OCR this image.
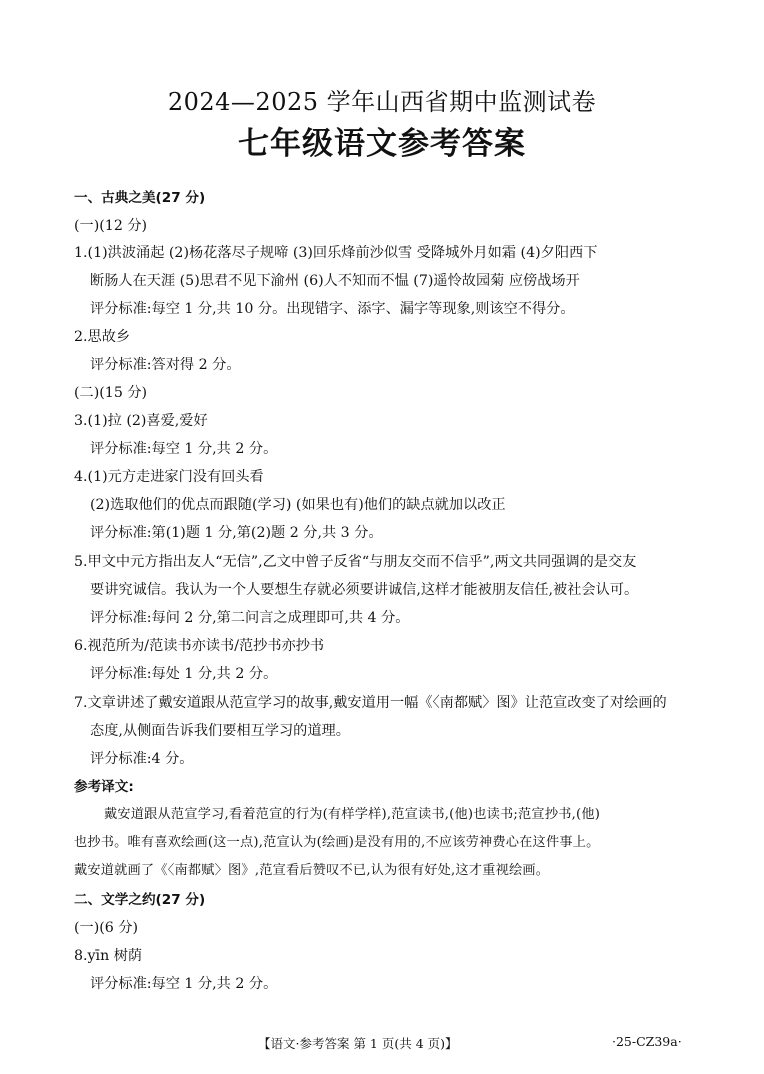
2024—2025 学年山西省期中监测试卷
七年级语文参考答案
一、古典之美(27 分)
(一)(12 分)
1.(1)洪波涌起 (2)杨花落尽子规啼 (3)回乐烽前沙似雪 受降城外月如霜 (4)夕阳西下
断肠人在天涯 (5)思君不见下渝州 (6)人不知而不愠 (7)遥怜故园菊 应傍战场开
评分标准:每空 1 分,共 10 分。出现错字、添字、漏字等现象,则该空不得分。
2.思故乡
评分标准:答对得 2 分。
(二)(15 分)
3.(1)拉 (2)喜爱,爱好
评分标准:每空 1 分,共 2 分。
4.(1)元方走进家门没有回头看
(2)选取他们的优点而跟随(学习) (如果也有)他们的缺点就加以改正
评分标准:第(1)题 1 分,第(2)题 2 分,共 3 分。
5.甲文中元方指出友人“无信”,乙文中曾子反省“与朋友交而不信乎”,两文共同强调的是交友
要讲究诚信。我认为一个人要想生存就必须要讲诚信,这样才能被朋友信任,被社会认可。
评分标准:每问 2 分,第二问言之成理即可,共 4 分。
6.视范所为/范读书亦读书/范抄书亦抄书
评分标准:每处 1 分,共 2 分。
7.文章讲述了戴安道跟从范宣学习的故事,戴安道用一幅《〈南都赋〉图》让范宣改变了对绘画的
态度,从侧面告诉我们要相互学习的道理。
评分标准:4 分。
参考译文:
戴安道跟从范宣学习,看着范宣的行为(有样学样),范宣读书,(他)也读书;范宣抄书,(他)
也抄书。唯有喜欢绘画(这一点),范宣认为(绘画)是没有用的,不应该劳神费心在这件事上。
戴安道就画了《〈南都赋〉图》,范宣看后赞叹不已,认为很有好处,这才重视绘画。
二、文学之约(27 分)
(一)(6 分)
8.yīn 树荫
评分标准:每空 1 分,共 2 分。
【语文·参考答案 第 1 页(共 4 页)】	·25-CZ39a·
